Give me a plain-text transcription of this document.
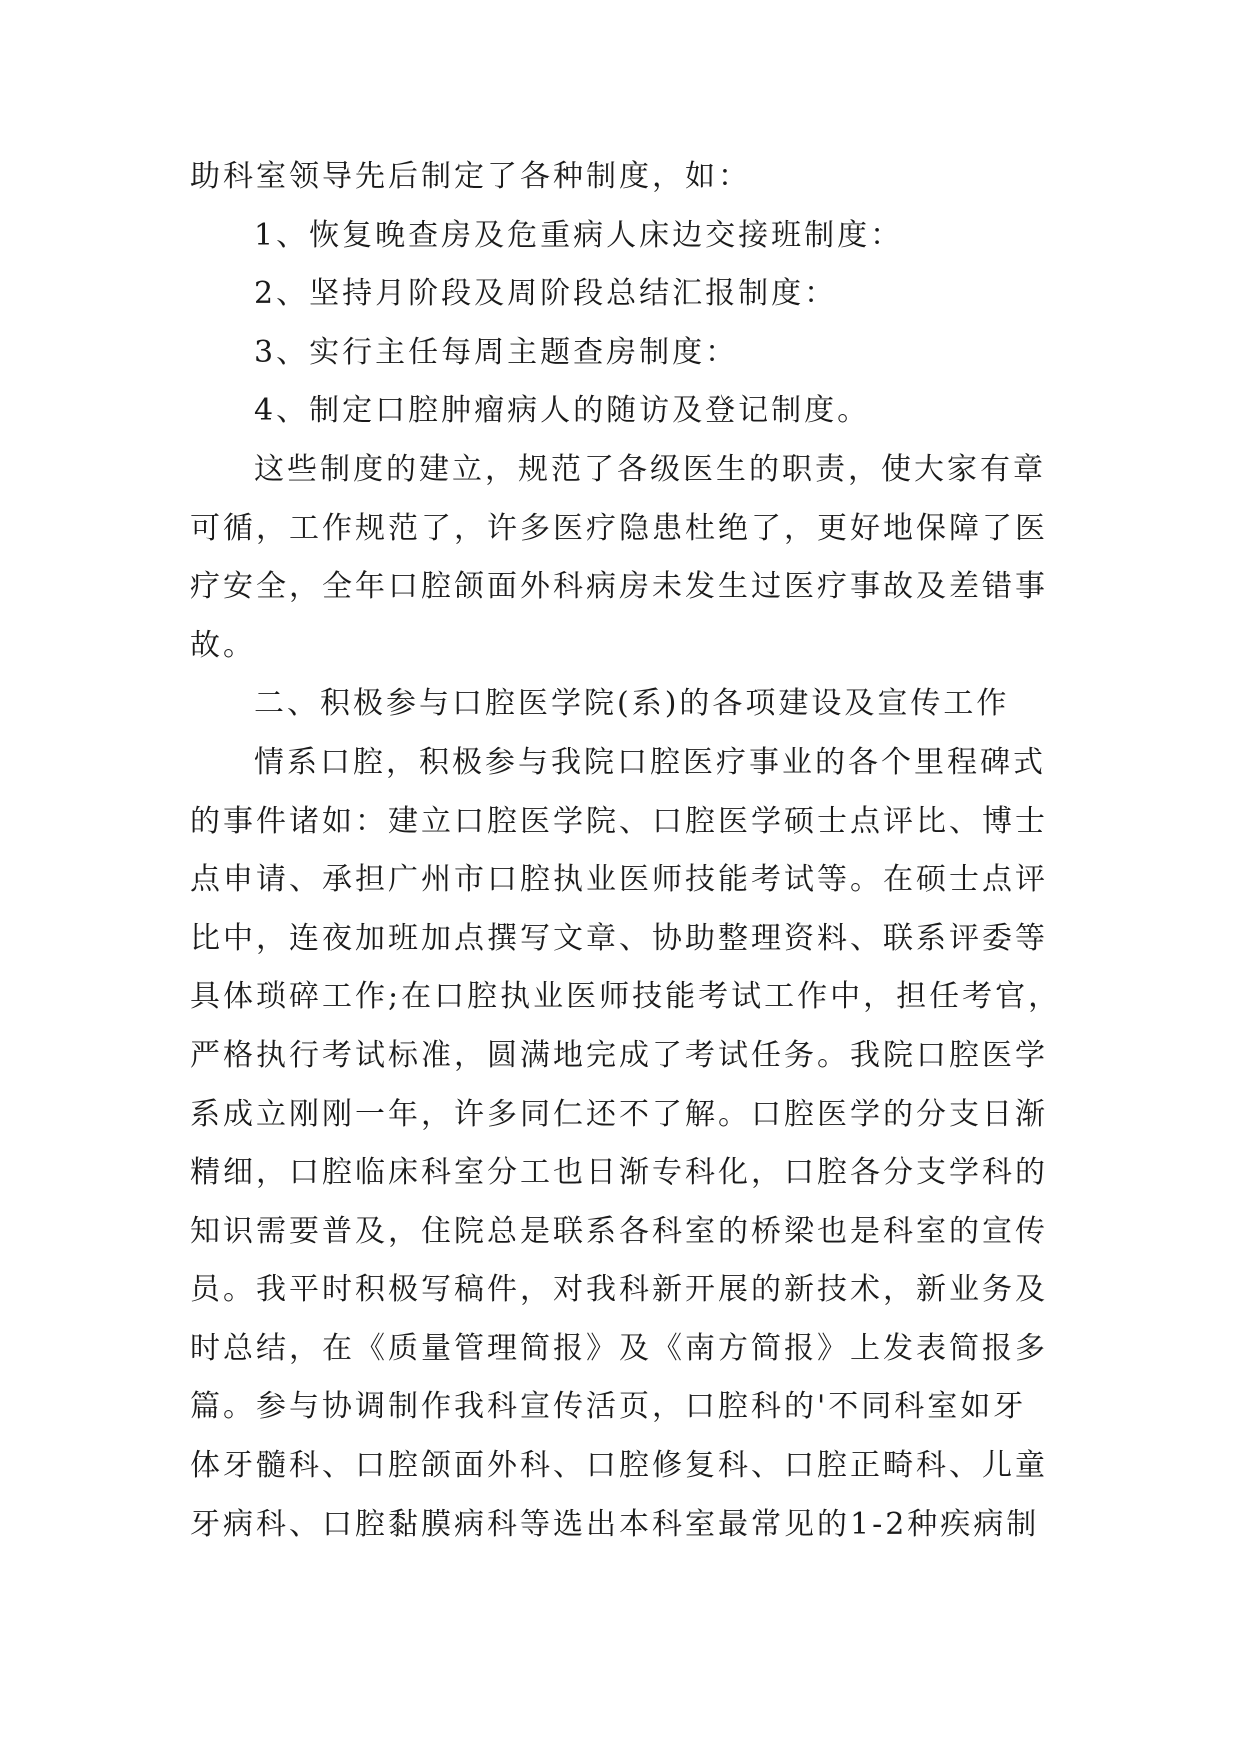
助科室领导先后制定了各种制度，如：
1、恢复晚查房及危重病人床边交接班制度：
2、坚持月阶段及周阶段总结汇报制度：
3、实行主任每周主题查房制度：
4、制定口腔肿瘤病人的随访及登记制度。
这些制度的建立，规范了各级医生的职责，使大家有章
可循，工作规范了，许多医疗隐患杜绝了，更好地保障了医
疗安全，全年口腔颌面外科病房未发生过医疗事故及差错事
故。
二、积极参与口腔医学院(系)的各项建设及宣传工作
情系口腔，积极参与我院口腔医疗事业的各个里程碑式
的事件诸如：建立口腔医学院、口腔医学硕士点评比、博士
点申请、承担广州市口腔执业医师技能考试等。在硕士点评
比中，连夜加班加点撰写文章、协助整理资料、联系评委等
具体琐碎工作;在口腔执业医师技能考试工作中，担任考官，
严格执行考试标准，圆满地完成了考试任务。我院口腔医学
系成立刚刚一年，许多同仁还不了解。口腔医学的分支日渐
精细，口腔临床科室分工也日渐专科化，口腔各分支学科的
知识需要普及，住院总是联系各科室的桥梁也是科室的宣传
员。我平时积极写稿件，对我科新开展的新技术，新业务及
时总结，在《质量管理简报》及《南方简报》上发表简报多
篇。参与协调制作我科宣传活页，口腔科的'不同科室如牙
体牙髓科、口腔颌面外科、口腔修复科、口腔正畸科、儿童
牙病科、口腔黏膜病科等选出本科室最常见的1-2种疾病制
